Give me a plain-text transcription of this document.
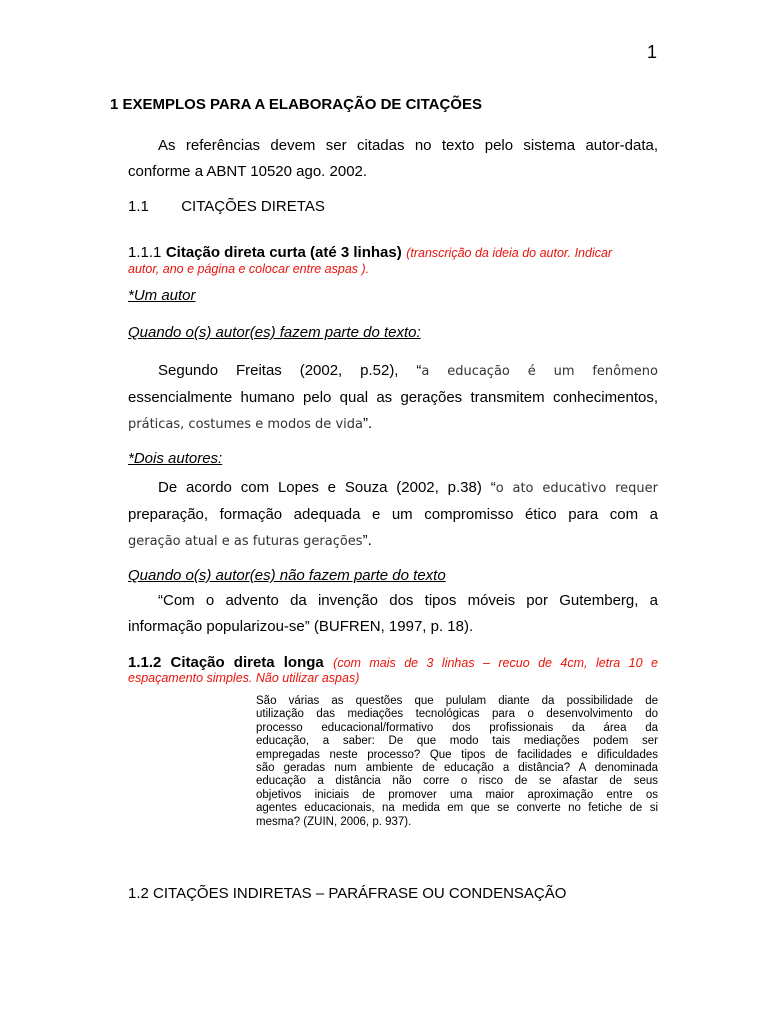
1
1 EXEMPLOS PARA A ELABORAÇÃO DE CITAÇÕES
As referências devem ser citadas no texto pelo sistema autor-data,
conforme a ABNT 10520 ago. 2002.
1.1 CITAÇÕES DIRETAS
1.1.1 Citação direta curta (até 3 linhas) (transcrição da ideia do autor. Indicar
autor, ano e página e colocar entre aspas ).
*Um autor
Quando o(s) autor(es) fazem parte do texto:
Segundo Freitas (2002, p.52), “a educação é um fenômeno
essencialmente humano pelo qual as gerações transmitem conhecimentos,
práticas, costumes e modos de vida”.
*Dois autores:
De acordo com Lopes e Souza (2002, p.38) “o ato educativo requer
preparação, formação adequada e um compromisso ético para com a
geração atual e as futuras gerações”.
Quando o(s) autor(es) não fazem parte do texto
“Com o advento da invenção dos tipos móveis por Gutemberg, a
informação popularizou-se” (BUFREN, 1997, p. 18).
1.1.2 Citação direta longa (com mais de 3 linhas – recuo de 4cm, letra 10 e
espaçamento simples. Não utilizar aspas)
São várias as questões que pululam diante da possibilidade de
utilização das mediações tecnológicas para o desenvolvimento do
processo educacional/formativo dos profissionais da área da
educação, a saber: De que modo tais mediações podem ser
empregadas neste processo? Que tipos de facilidades e dificuldades
são geradas num ambiente de educação a distância? A denominada
educação a distância não corre o risco de se afastar de seus
objetivos iniciais de promover uma maior aproximação entre os
agentes educacionais, na medida em que se converte no fetiche de si
mesma? (ZUIN, 2006, p. 937).
1.2 CITAÇÕES INDIRETAS – PARÁFRASE OU CONDENSAÇÃO
